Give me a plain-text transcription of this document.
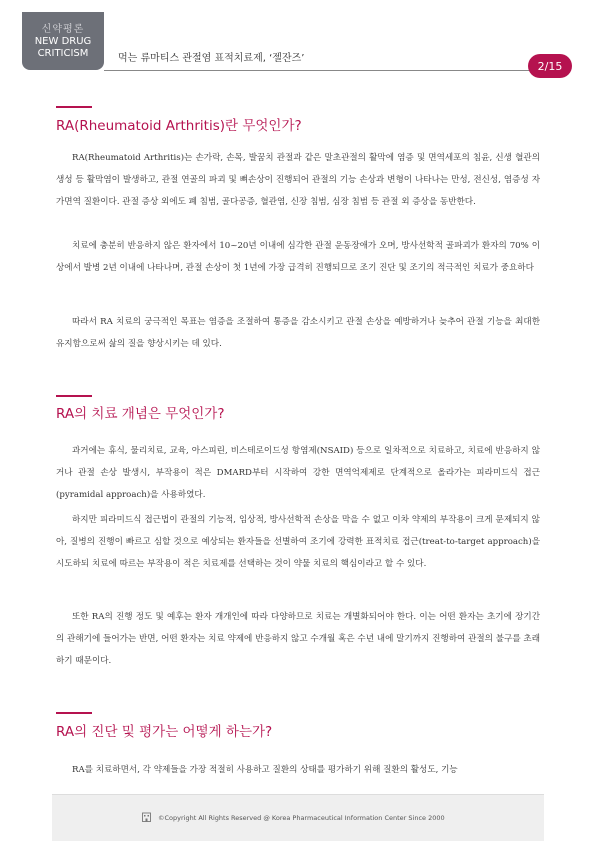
신약평론
NEW DRUG
CRITICISM	먹는 류마티스 관절염 표적치료제, ‘젤잔즈’
2/15
RA(Rheumatoid Arthritis)란 무엇인가?

RA(Rheumatoid Arthritis)는 손가락, 손목, 발꿈치 관절과 같은 말초관절의 활막에 염증 및 면역세포의 침윤, 신생 혈관의 생성 등 활막염이 발생하고, 관절 연골의 파괴 및 뼈손상이 진행되어 관절의 기능 손상과 변형이 나타나는 만성, 전신성, 염증성 자가면역 질환이다. 관절 증상 외에도 폐 침범, 골다공증, 혈관염, 신장 침범, 심장 침범 등 관절 외 증상을 동반한다.

치료에 충분히 반응하지 않은 환자에서 10~20년 이내에 심각한 관절 운동장애가 오며, 방사선학적 골파괴가 환자의 70% 이상에서 발병 2년 이내에 나타나며, 관절 손상이 첫 1년에 가장 급격히 진행되므로 조기 진단 및 조기의 적극적인 치료가 중요하다

따라서 RA 치료의 궁극적인 목표는 염증을 조절하여 통증을 감소시키고 관절 손상을 예방하거나 늦추어 관절 기능을 최대한 유지함으로써 삶의 질을 향상시키는 데 있다.

RA의 치료 개념은 무엇인가?

과거에는 휴식, 물리치료, 교육, 아스피린, 비스테로이드성 항염제(NSAID) 등으로 일차적으로 치료하고, 치료에 반응하지 않거나 관절 손상 발생시, 부작용이 적은 DMARD부터 시작하여 강한 면역억제제로 단계적으로 올라가는 피라미드식 접근(pyramidal approach)을 사용하였다.

하지만 피라미드식 접근법이 관절의 기능적, 임상적, 방사선학적 손상을 막을 수 없고 이차 약제의 부작용이 크게 문제되지 않아, 질병의 진행이 빠르고 심할 것으로 예상되는 환자들을 선별하여 조기에 강력한 표적치료 접근(treat-to-target approach)을 시도하되 치료에 따르는 부작용이 적은 치료제를 선택하는 것이 약물 치료의 핵심이라고 할 수 있다.

또한 RA의 진행 정도 및 예후는 환자 개개인에 따라 다양하므로 치료는 개별화되어야 한다. 이는 어떤 환자는 초기에 장기간의 관해기에 들어가는 반면, 어떤 환자는 치료 약제에 반응하지 않고 수개월 혹은 수년 내에 말기까지 진행하여 관절의 불구를 초래하기 때문이다.

RA의 진단 및 평가는 어떻게 하는가?

RA를 치료하면서, 각 약제들을 가장 적절히 사용하고 질환의 상태를 평가하기 위해 질환의 활성도, 기능

©Copyright All Rights Reserved @ Korea Pharmaceutical Information Center Since 2000
